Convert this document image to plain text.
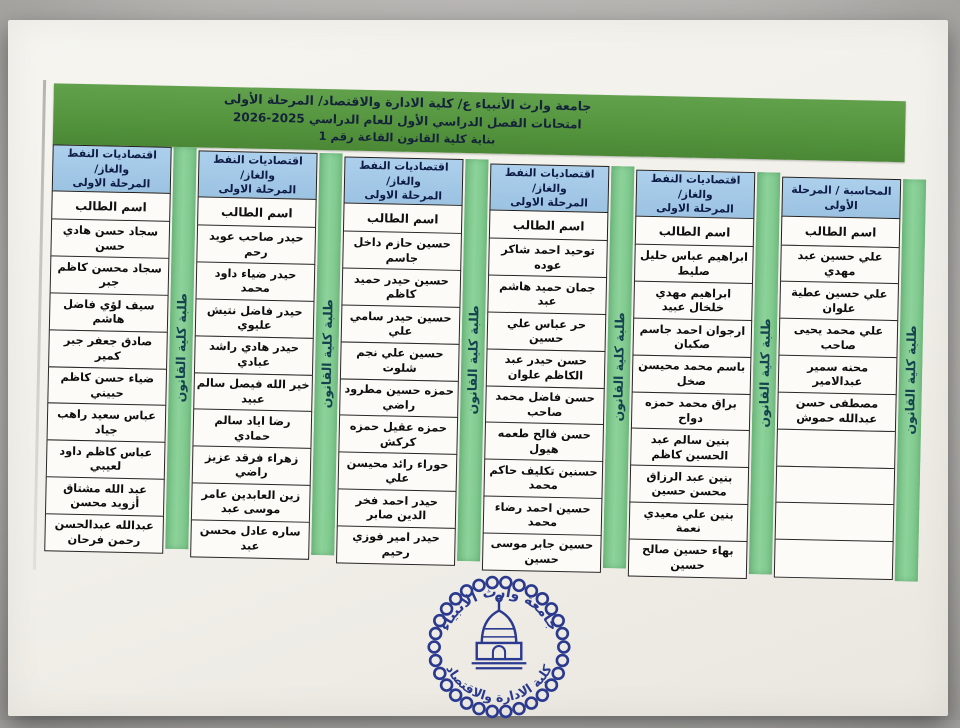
جامعة وارث الأنبياء ع/ كلية الادارة والاقتصاد/ المرحلة الأولى
امتحانات الفصل الدراسي الأول للعام الدراسي 2025-2026
بناية كلية القانون القاعة رقم 1
اقتصاديات النفط والغاز/
المرحلة الاولى
اسم الطالب
سجاد حسن هادي حسن
سجاد محسن كاظم جبر
سيف لؤي فاضل هاشم
صادق جعفر جبر كمير
ضياء حسن كاظم حبيني
عباس سعيد راهب جياد
عباس كاظم داود لعيبي
عبد الله مشتاق أزويد محسن
عبدالله عبدالحسن رحمن فرحان
طلبة كلية القانون
اقتصاديات النفط والغاز/
المرحلة الاولى
اسم الطالب
حيدر صاحب عويد رحم
حيدر ضياء داود محمد
حيدر فاضل نتيش عليوي
حيدر هادي راشد عبادي
خير الله فيصل سالم عبيد
رضا اياد سالم حمادي
زهراء فرقد عزيز راضي
زين العابدين عامر موسى عبد
ساره عادل محسن عبد
طلبة كلية القانون
اقتصاديات النفط والغاز/
المرحلة الاولى
اسم الطالب
حسين حازم داخل جاسم
حسين حيدر حميد كاظم
حسين حيدر سامي علي
حسين علي نجم شلوت
حمزه حسين مطرود راضي
حمزه عقيل حمزه كركش
حوراء رائد محيسن علي
حيدر احمد فخر الدين صابر
حيدر امير فوزي رحيم
طلبة كلية القانون
اقتصاديات النفط والغاز/
المرحلة الاولى
اسم الطالب
توحيد احمد شاكر عوده
جمان حميد هاشم عبد
حر عباس علي حسين
حسن حيدر عبد الكاظم علوان
حسن فاضل محمد صاحب
حسن فالح طعمه هيول
حسنين تكليف حاكم محمد
حسين احمد رضاء محمد
حسين جابر موسى حسين
طلبة كلية القانون
اقتصاديات النفط والغاز/
المرحلة الاولى
اسم الطالب
ابراهيم عباس حليل صليط
ابراهيم مهدي خلخال عبيد
ارجوان احمد جاسم صكبان
باسم محمد محيسن صخل
براق محمد حمزه دواح
بنين سالم عبد الحسين كاظم
بنين عبد الرزاق محسن حسين
بنين علي معيدي نعمة
بهاء حسين صالح حسين
طلبة كلية القانون
المحاسبة / المرحلة الأولى
اسم الطالب
علي حسين عبد مهدي
علي حسين عطية علوان
علي محمد يحيى صاحب
محنه سمير عبدالامير
مصطفى حسن عبدالله حموش	طلبة كلية القانون
جامعة وارث الانبياء
كلية الادارة والاقتصاد
